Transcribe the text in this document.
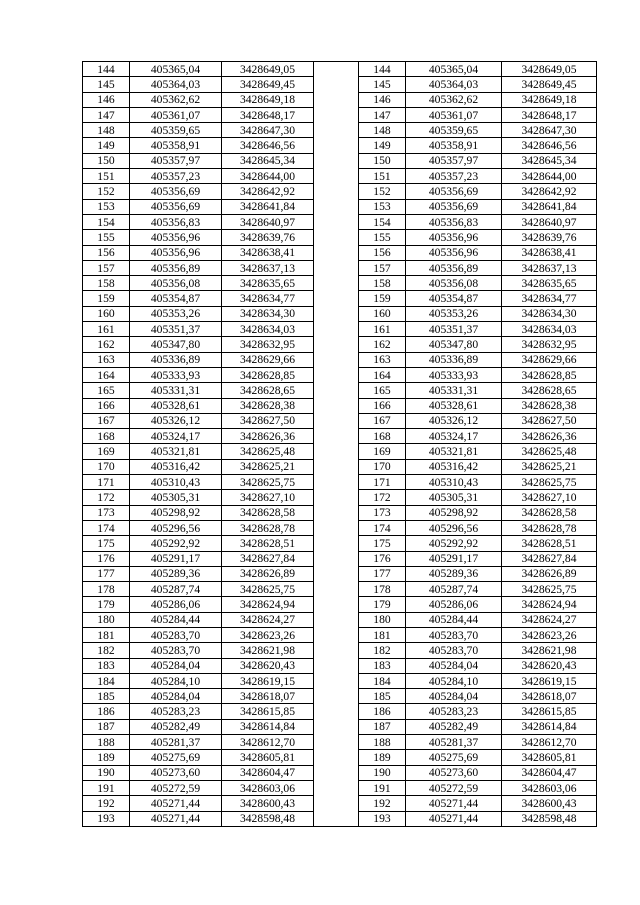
144	405365,04	3428649,05		144	405365,04	3428649,05
145	405364,03	3428649,45		145	405364,03	3428649,45
146	405362,62	3428649,18		146	405362,62	3428649,18
147	405361,07	3428648,17		147	405361,07	3428648,17
148	405359,65	3428647,30		148	405359,65	3428647,30
149	405358,91	3428646,56		149	405358,91	3428646,56
150	405357,97	3428645,34		150	405357,97	3428645,34
151	405357,23	3428644,00		151	405357,23	3428644,00
152	405356,69	3428642,92		152	405356,69	3428642,92
153	405356,69	3428641,84		153	405356,69	3428641,84
154	405356,83	3428640,97		154	405356,83	3428640,97
155	405356,96	3428639,76		155	405356,96	3428639,76
156	405356,96	3428638,41		156	405356,96	3428638,41
157	405356,89	3428637,13		157	405356,89	3428637,13
158	405356,08	3428635,65		158	405356,08	3428635,65
159	405354,87	3428634,77		159	405354,87	3428634,77
160	405353,26	3428634,30		160	405353,26	3428634,30
161	405351,37	3428634,03		161	405351,37	3428634,03
162	405347,80	3428632,95		162	405347,80	3428632,95
163	405336,89	3428629,66		163	405336,89	3428629,66
164	405333,93	3428628,85		164	405333,93	3428628,85
165	405331,31	3428628,65		165	405331,31	3428628,65
166	405328,61	3428628,38		166	405328,61	3428628,38
167	405326,12	3428627,50		167	405326,12	3428627,50
168	405324,17	3428626,36		168	405324,17	3428626,36
169	405321,81	3428625,48		169	405321,81	3428625,48
170	405316,42	3428625,21		170	405316,42	3428625,21
171	405310,43	3428625,75		171	405310,43	3428625,75
172	405305,31	3428627,10		172	405305,31	3428627,10
173	405298,92	3428628,58		173	405298,92	3428628,58
174	405296,56	3428628,78		174	405296,56	3428628,78
175	405292,92	3428628,51		175	405292,92	3428628,51
176	405291,17	3428627,84		176	405291,17	3428627,84
177	405289,36	3428626,89		177	405289,36	3428626,89
178	405287,74	3428625,75		178	405287,74	3428625,75
179	405286,06	3428624,94		179	405286,06	3428624,94
180	405284,44	3428624,27		180	405284,44	3428624,27
181	405283,70	3428623,26		181	405283,70	3428623,26
182	405283,70	3428621,98		182	405283,70	3428621,98
183	405284,04	3428620,43		183	405284,04	3428620,43
184	405284,10	3428619,15		184	405284,10	3428619,15
185	405284,04	3428618,07		185	405284,04	3428618,07
186	405283,23	3428615,85		186	405283,23	3428615,85
187	405282,49	3428614,84		187	405282,49	3428614,84
188	405281,37	3428612,70		188	405281,37	3428612,70
189	405275,69	3428605,81		189	405275,69	3428605,81
190	405273,60	3428604,47		190	405273,60	3428604,47
191	405272,59	3428603,06		191	405272,59	3428603,06
192	405271,44	3428600,43		192	405271,44	3428600,43
193	405271,44	3428598,48		193	405271,44	3428598,48
